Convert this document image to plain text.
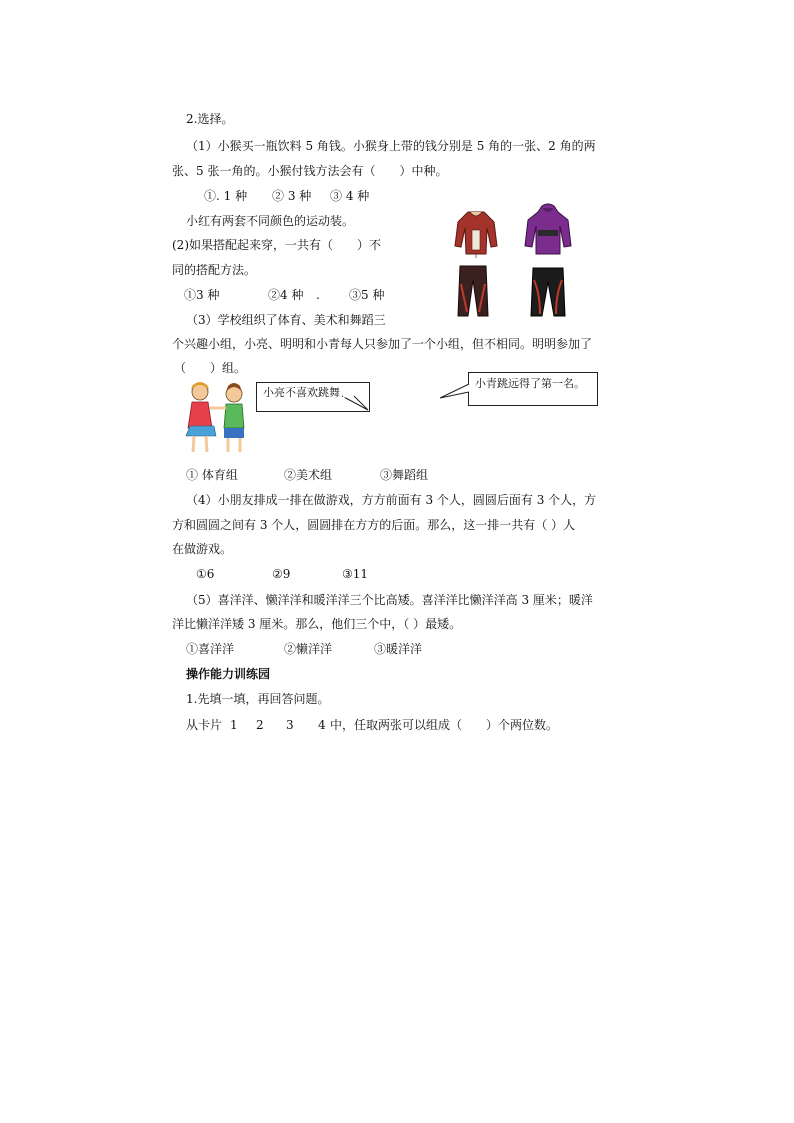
2.选择。
（1）小猴买一瓶饮料 5 角钱。小猴身上带的钱分别是 5 角的一张、2 角的两
张、5 张一角的。小猴付钱方法会有（　　）中种。
①. 1 种 ② 3 种 ③ 4 种
小红有两套不同颜色的运动装。
(2)如果搭配起来穿，一共有（　　）不
同的搭配方法。
①3 种	②4 种 . ③5 种
（3）学校组织了体育、美术和舞蹈三
个兴趣小组，小亮、明明和小青每人只参加了一个小组，但不相同。明明参加了
（　　）组。
小亮不喜欢跳舞
小青跳远得了第一名。
① 体育组	②美术组	③舞蹈组
（4）小朋友排成一排在做游戏，方方前面有 3 个人，圆圆后面有 3 个人，方
方和圆圆之间有 3 个人，圆圆排在方方的后面。那么，这一排一共有（ ）人
在做游戏。
①6	②9	③11
（5）喜洋洋、懒洋洋和暖洋洋三个比高矮。喜洋洋比懒洋洋高 3 厘米；暖洋
洋比懒洋洋矮 3 厘米。那么，他们三个中，（ ）最矮。
①喜洋洋	②懒洋洋	③暖洋洋
操作能力训练园
1.先填一填，再回答问题。
从卡片 1 2 3 4 中，任取两张可以组成（　　）个两位数。
